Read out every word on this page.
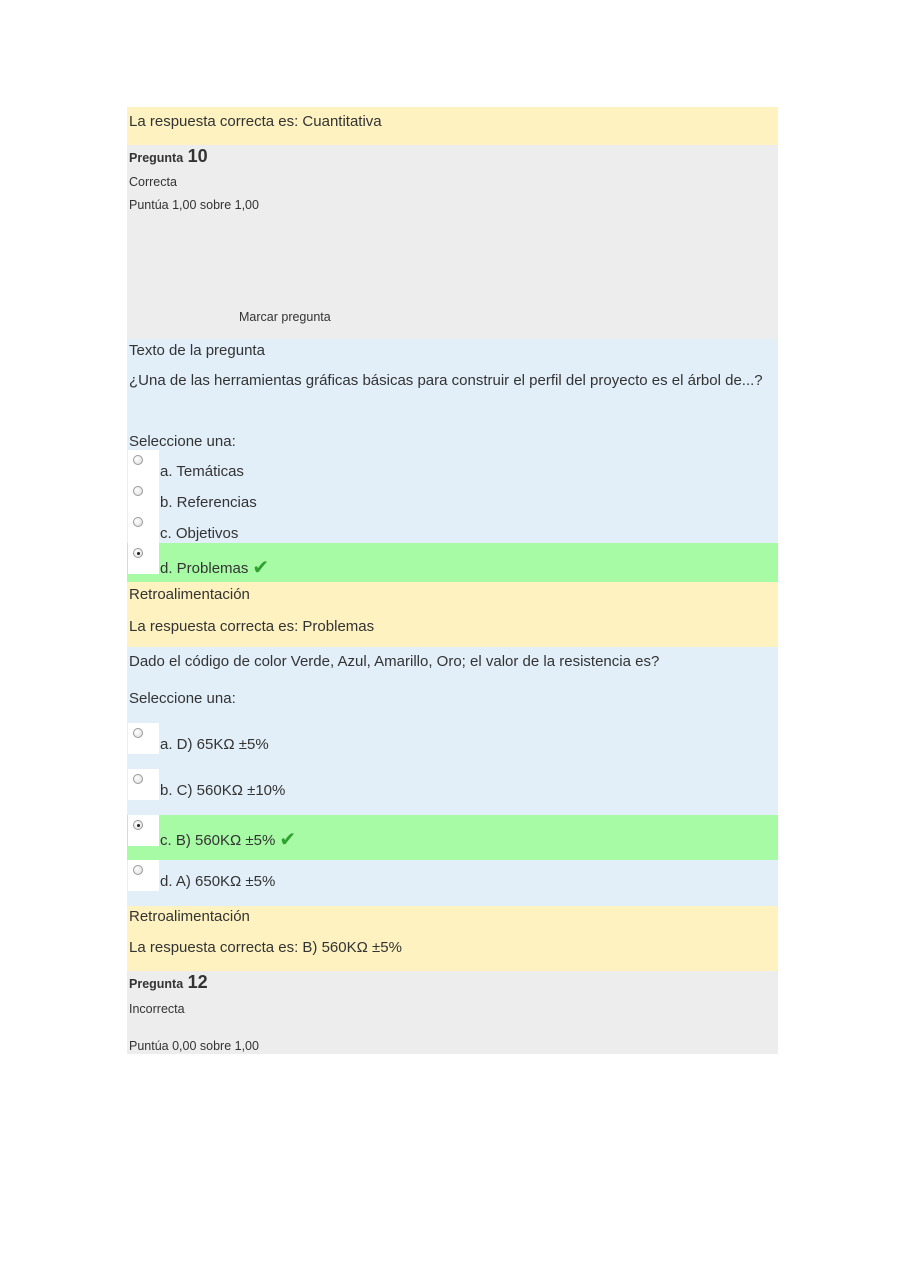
La respuesta correcta es: Cuantitativa
Pregunta 10
Correcta
Puntúa 1,00 sobre 1,00
Marcar pregunta
Texto de la pregunta
¿Una de las herramientas gráficas básicas para construir el perfil del proyecto es el árbol de...?
Seleccione una:
a. Temáticas
b. Referencias
c. Objetivos
d. Problemas ✔
Retroalimentación
La respuesta correcta es: Problemas
Dado el código de color Verde, Azul, Amarillo, Oro; el valor de la resistencia es?
Seleccione una:
a. D) 65KΩ ±5%
b. C) 560KΩ ±10%
c. B) 560KΩ ±5% ✔
d. A) 650KΩ ±5%
Retroalimentación
La respuesta correcta es: B) 560KΩ ±5%
Pregunta 12
Incorrecta
Puntúa 0,00 sobre 1,00
